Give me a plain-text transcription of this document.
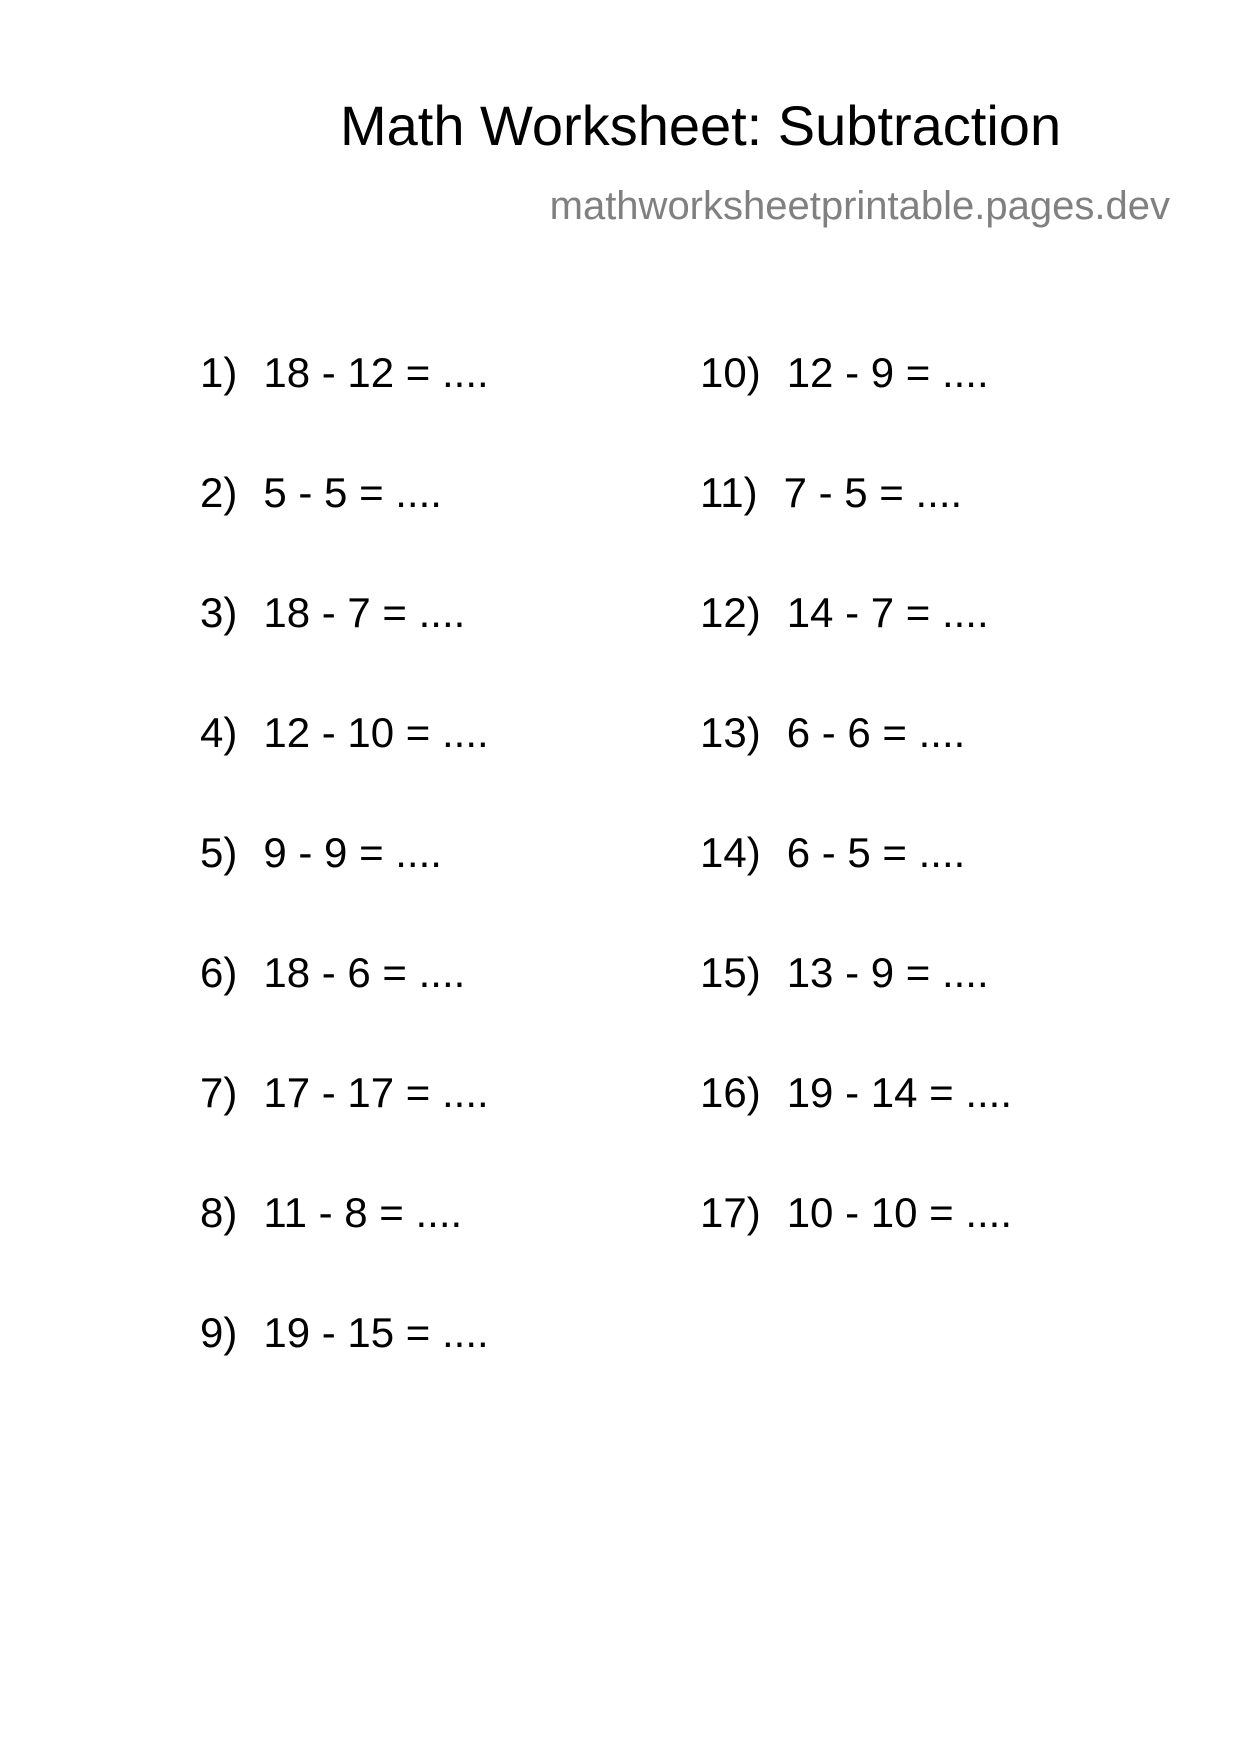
Math Worksheet: Subtraction
mathworksheetprintable.pages.dev
1) 18 - 12 = ....
2) 5 - 5 = ....
3) 18 - 7 = ....
4) 12 - 10 = ....
5) 9 - 9 = ....
6) 18 - 6 = ....
7) 17 - 17 = ....
8) 11 - 8 = ....
9) 19 - 15 = ....
10) 12 - 9 = ....
11) 7 - 5 = ....
12) 14 - 7 = ....
13) 6 - 6 = ....
14) 6 - 5 = ....
15) 13 - 9 = ....
16) 19 - 14 = ....
17) 10 - 10 = ....
